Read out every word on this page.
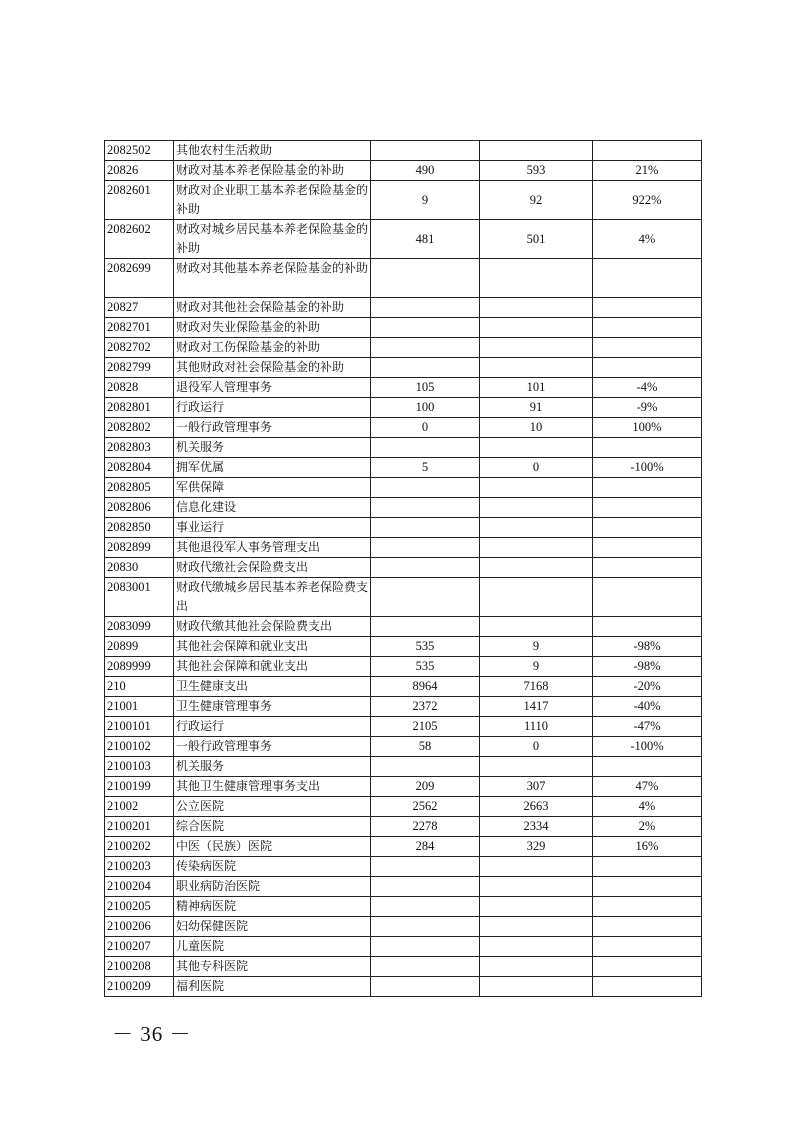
2082502	其他农村生活救助			
20826	财政对基本养老保险基金的补助	490	593	21%
2082601	财政对企业职工基本养老保险基金的补助	9	92	922%
2082602	财政对城乡居民基本养老保险基金的补助	481	501	4%
2082699	财政对其他基本养老保险基金的补助			
20827	财政对其他社会保险基金的补助			
2082701	财政对失业保险基金的补助			
2082702	财政对工伤保险基金的补助			
2082799	其他财政对社会保险基金的补助			
20828	退役军人管理事务	105	101	-4%
2082801	行政运行	100	91	-9%
2082802	一般行政管理事务	0	10	100%
2082803	机关服务			
2082804	拥军优属	5	0	-100%
2082805	军供保障			
2082806	信息化建设			
2082850	事业运行			
2082899	其他退役军人事务管理支出			
20830	财政代缴社会保险费支出			
2083001	财政代缴城乡居民基本养老保险费支出			
2083099	财政代缴其他社会保险费支出			
20899	其他社会保障和就业支出	535	9	-98%
2089999	其他社会保障和就业支出	535	9	-98%
210	卫生健康支出	8964	7168	-20%
21001	卫生健康管理事务	2372	1417	-40%
2100101	行政运行	2105	1110	-47%
2100102	一般行政管理事务	58	0	-100%
2100103	机关服务			
2100199	其他卫生健康管理事务支出	209	307	47%
21002	公立医院	2562	2663	4%
2100201	综合医院	2278	2334	2%
2100202	中医（民族）医院	284	329	16%
2100203	传染病医院			
2100204	职业病防治医院			
2100205	精神病医院			
2100206	妇幼保健医院			
2100207	儿童医院			
2100208	其他专科医院			
2100209	福利医院			
－ 36 －
